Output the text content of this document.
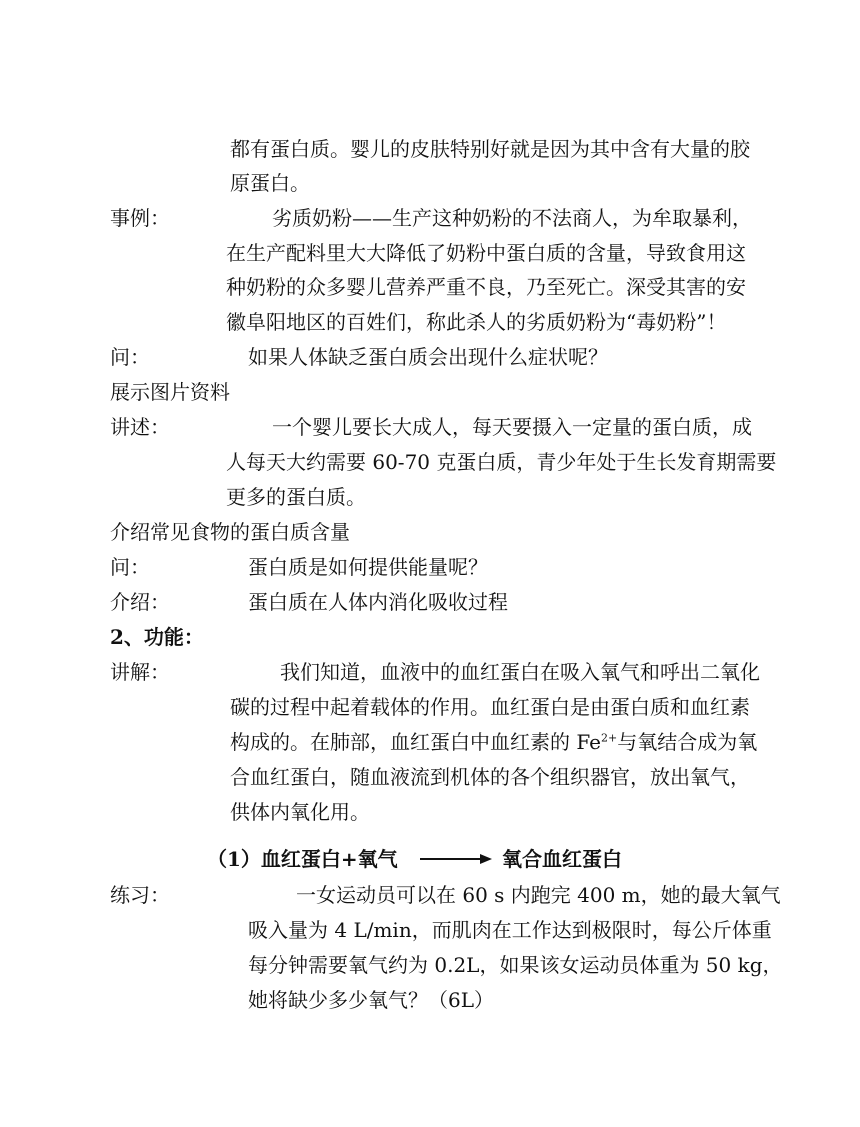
都有蛋白质。婴儿的皮肤特别好就是因为其中含有大量的胶
原蛋白。
事例：	劣质奶粉——生产这种奶粉的不法商人，为牟取暴利，
在生产配料里大大降低了奶粉中蛋白质的含量，导致食用这
种奶粉的众多婴儿营养严重不良，乃至死亡。深受其害的安
徽阜阳地区的百姓们，称此杀人的劣质奶粉为“毒奶粉”！
问：	如果人体缺乏蛋白质会出现什么症状呢？
展示图片资料
讲述：	一个婴儿要长大成人，每天要摄入一定量的蛋白质，成
人每天大约需要 60-70 克蛋白质，青少年处于生长发育期需要
更多的蛋白质。
介绍常见食物的蛋白质含量
问：	蛋白质是如何提供能量呢？
介绍：	蛋白质在人体内消化吸收过程
2、功能：
讲解：	我们知道，血液中的血红蛋白在吸入氧气和呼出二氧化
碳的过程中起着载体的作用。血红蛋白是由蛋白质和血红素
构成的。在肺部，血红蛋白中血红素的 $Fe^{2+}$与氧结合成为氧
合血红蛋白，随血液流到机体的各个组织器官，放出氧气，
供体内氧化用。
（1）血红蛋白+氧气	氧合血红蛋白
练习：	一女运动员可以在 60 s 内跑完 400 m，她的最大氧气
吸入量为 4 L/min，而肌肉在工作达到极限时，每公斤体重
每分钟需要氧气约为 0.2L，如果该女运动员体重为 50 kg，
她将缺少多少氧气？（6L）
